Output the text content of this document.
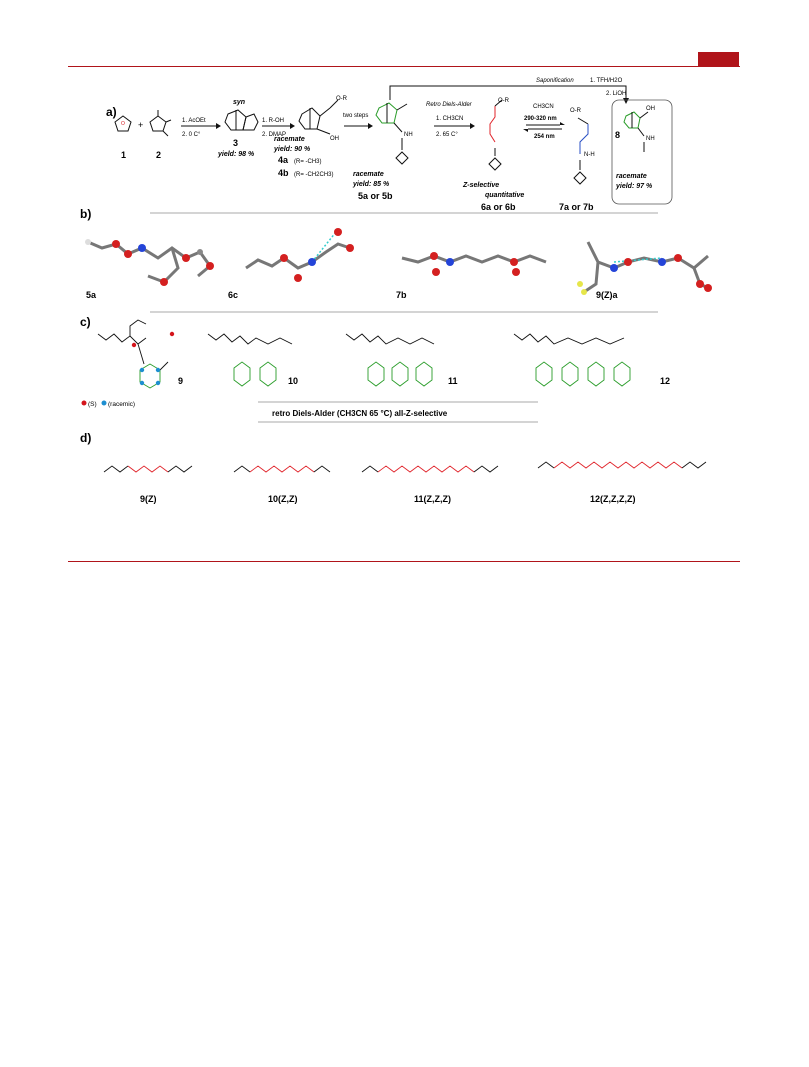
a)
O
1
+
2
1. AcOEt
2. 0 C°
syn
3
yield: 98 %
1. R-OH
2. DMAP
O-R
OH
racemate
yield: 90 %
4a (R= -CH3)
4b (R= -CH2CH3)
two steps
NH
racemate
yield: 85 %
5a or 5b
Saponification	1. TFH/H2O
2. LiOH
Retro Diels-Alder
1. CH3CN
2. 65 C°
O-R
Z-selective
quantitative
6a or 6b
CH3CN
290-320 nm
254 nm
O-R
N-H
7a or 7b
OH
NH
8
racemate
yield: 97 %
b)
5a	6c	7b	9(Z)a
c)
9	10	11	12
(S) (racemic)
retro Diels-Alder (CH3CN 65 °C) all-Z-selective
d)
9(Z)	10(Z,Z)	11(Z,Z,Z)	12(Z,Z,Z,Z)
